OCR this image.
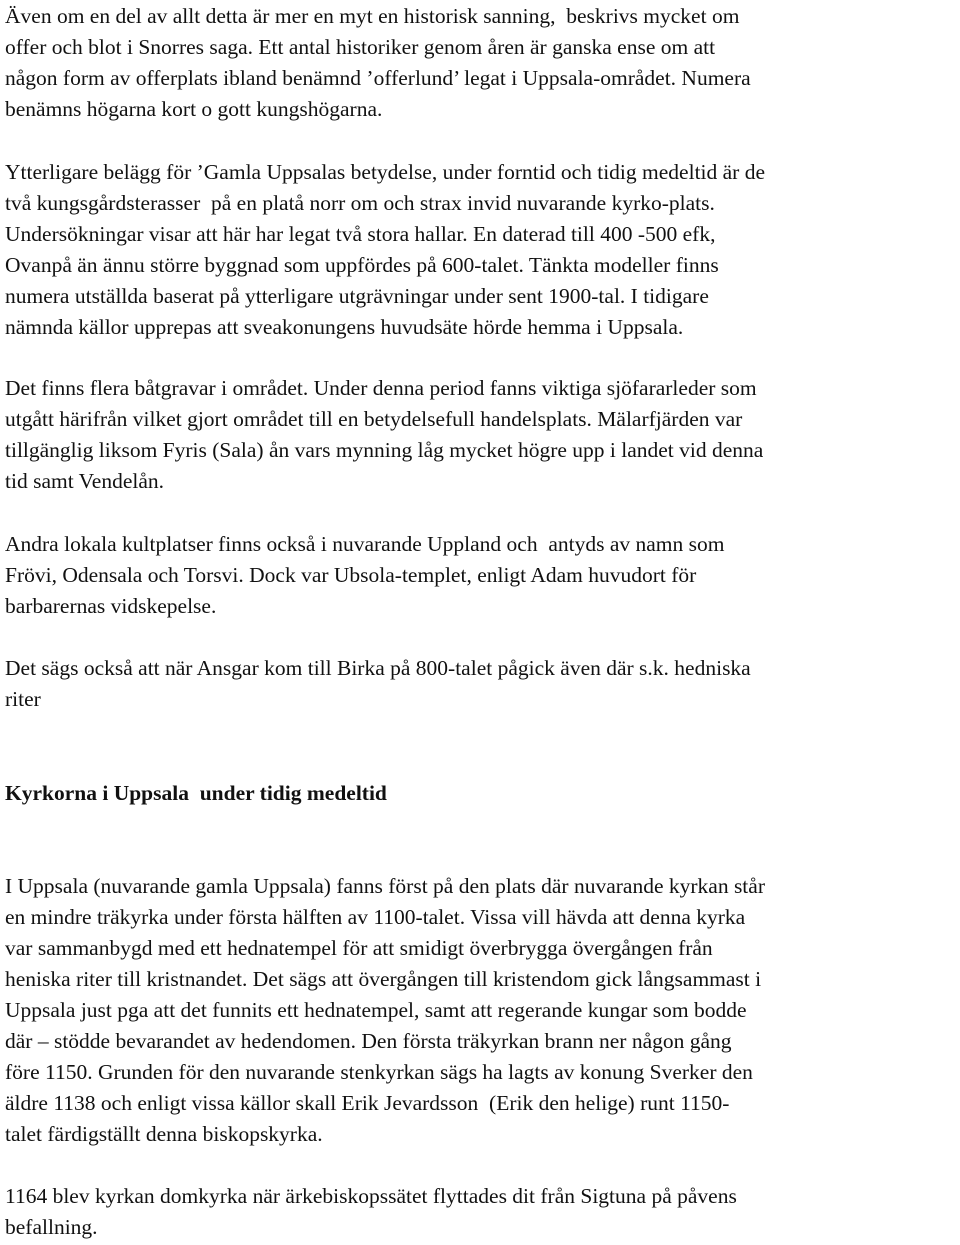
Även om en del av allt detta är mer en myt en historisk sanning,  beskrivs mycket om
offer och blot i Snorres saga. Ett antal historiker genom åren är ganska ense om att
någon form av offerplats ibland benämnd ’offerlund’ legat i Uppsala-området. Numera
benämns högarna kort o gott kungshögarna.
Ytterligare belägg för ’Gamla Uppsalas betydelse, under forntid och tidig medeltid är de
två kungsgårdsterasser  på en platå norr om och strax invid nuvarande kyrko-plats.
Undersökningar visar att här har legat två stora hallar. En daterad till 400 -500 efk,
Ovanpå än ännu större byggnad som uppfördes på 600-talet. Tänkta modeller finns
numera utställda baserat på ytterligare utgrävningar under sent 1900-tal. I tidigare
nämnda källor upprepas att sveakonungens huvudsäte hörde hemma i Uppsala.
Det finns flera båtgravar i området. Under denna period fanns viktiga sjöfararleder som
utgått härifrån vilket gjort området till en betydelsefull handelsplats. Mälarfjärden var
tillgänglig liksom Fyris (Sala) ån vars mynning låg mycket högre upp i landet vid denna
tid samt Vendelån.
Andra lokala kultplatser finns också i nuvarande Uppland och  antyds av namn som
Frövi, Odensala och Torsvi. Dock var Ubsola-templet, enligt Adam huvudort för
barbarernas vidskepelse.
Det sägs också att när Ansgar kom till Birka på 800-talet pågick även där s.k. hedniska
riter
Kyrkorna i Uppsala  under tidig medeltid
I Uppsala (nuvarande gamla Uppsala) fanns först på den plats där nuvarande kyrkan står
en mindre träkyrka under första hälften av 1100-talet. Vissa vill hävda att denna kyrka
var sammanbygd med ett hednatempel för att smidigt överbrygga övergången från
heniska riter till kristnandet. Det sägs att övergången till kristendom gick långsammast i
Uppsala just pga att det funnits ett hednatempel, samt att regerande kungar som bodde
där – stödde bevarandet av hedendomen. Den första träkyrkan brann ner någon gång
före 1150. Grunden för den nuvarande stenkyrkan sägs ha lagts av konung Sverker den
äldre 1138 och enligt vissa källor skall Erik Jevardsson  (Erik den helige) runt 1150-
talet färdigställt denna biskopskyrka.
1164 blev kyrkan domkyrka när ärkebiskopssätet flyttades dit från Sigtuna på påvens
befallning.
